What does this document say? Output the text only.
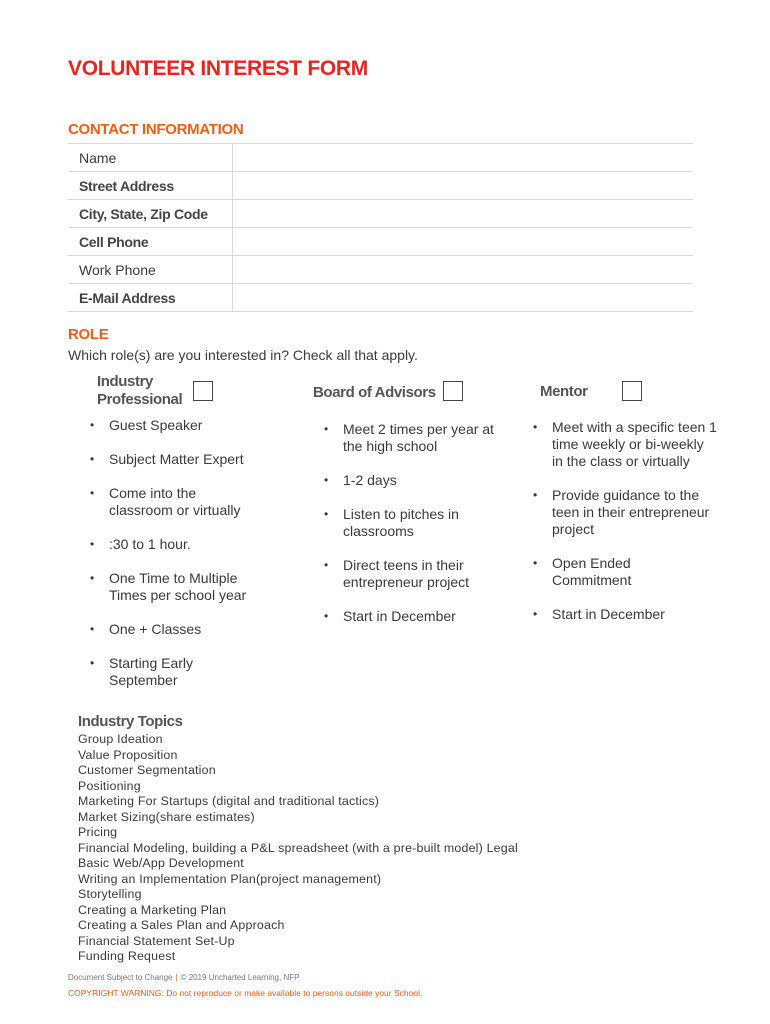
VOLUNTEER INTEREST FORM
CONTACT INFORMATION
Name	
Street Address	
City, State, Zip Code	
Cell Phone	
Work Phone	
E-Mail Address	
ROLE

Which role(s) are you interested in? Check all that apply.

Industry
Professional
• Guest Speaker
• Subject Matter Expert
• Come into the classroom or virtually
• :30 to 1 hour.
• One Time to Multiple Times per school year
• One + Classes
• Starting Early September
Board of Advisors
• Meet 2 times per year at the high school
• 1-2 days
• Listen to pitches in classrooms
• Direct teens in their entrepreneur project
• Start in December
Mentor
• Meet with a specific teen 1 time weekly or bi-weekly in the class or virtually
• Provide guidance to the teen in their entrepreneur project
• Open Ended Commitment
• Start in December
Industry Topics
Group Ideation
Value Proposition
Customer Segmentation
Positioning
Marketing For Startups (digital and traditional tactics)
Market Sizing(share estimates)
Pricing
Financial Modeling, building a P&L spreadsheet (with a pre-built model) Legal
Basic Web/App Development
Writing an Implementation Plan(project management)
Storytelling
Creating a Marketing Plan
Creating a Sales Plan and Approach
Financial Statement Set-Up
Funding Request

Document Subject to Change | © 2019 Uncharted Learning, NFP

COPYRIGHT WARNING: Do not reproduce or make available to persons outside your School.
